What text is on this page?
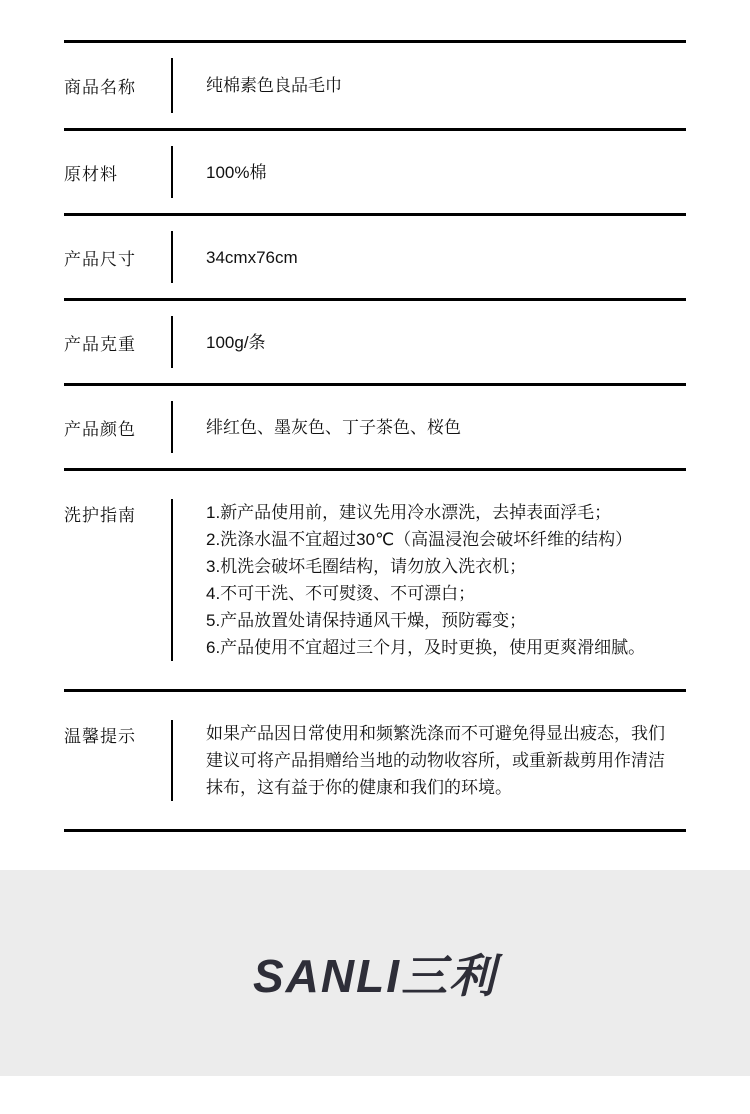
商品名称	纯棉素色良品毛巾
原材料	100%棉
产品尺寸	34cmx76cm
产品克重	100g/条
产品颜色	绯红色、墨灰色、丁子茶色、桜色
洗护指南	1.新产品使用前，建议先用冷水漂洗，去掉表面浮毛；
2.洗涤水温不宜超过30℃（高温浸泡会破坏纤维的结构）
3.机洗会破坏毛圈结构，请勿放入洗衣机；
4.不可干洗、不可熨烫、不可漂白；
5.产品放置处请保持通风干燥，预防霉变；
6.产品使用不宜超过三个月，及时更换，使用更爽滑细腻。
温馨提示	如果产品因日常使用和频繁洗涤而不可避免得显出疲态，我们建议可将产品捐赠给当地的动物收容所，或重新裁剪用作清洁抹布，这有益于你的健康和我们的环境。
SANLI三利
